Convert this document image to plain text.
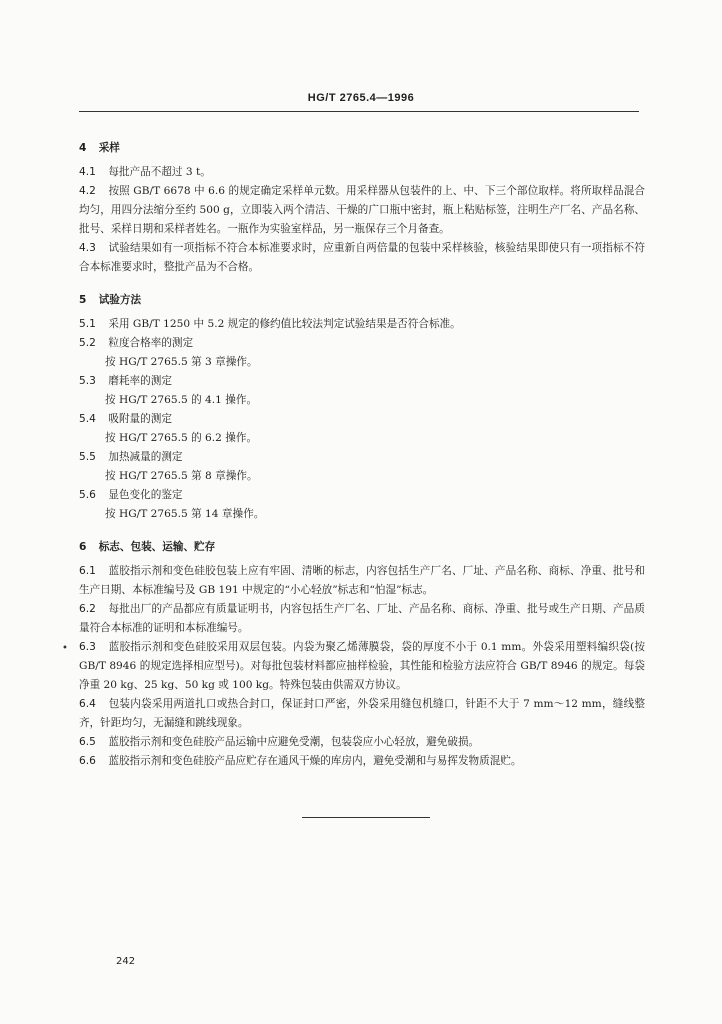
HG/T 2765.4—1996
4 采样
4.1 每批产品不超过 3 t。
4.2 按照 GB/T 6678 中 6.6 的规定确定采样单元数。用采样器从包装件的上、中、下三个部位取样。将所取样品混合均匀，用四分法缩分至约 500 g，立即装入两个清洁、干燥的广口瓶中密封，瓶上粘贴标签，注明生产厂名、产品名称、批号、采样日期和采样者姓名。一瓶作为实验室样品，另一瓶保存三个月备查。
4.3 试验结果如有一项指标不符合本标准要求时，应重新自两倍量的包装中采样核验，核验结果即使只有一项指标不符合本标准要求时，整批产品为不合格。
5 试验方法
5.1 采用 GB/T 1250 中 5.2 规定的修约值比较法判定试验结果是否符合标准。
5.2 粒度合格率的测定
按 HG/T 2765.5 第 3 章操作。
5.3 磨耗率的测定
按 HG/T 2765.5 的 4.1 操作。
5.4 吸附量的测定
按 HG/T 2765.5 的 6.2 操作。
5.5 加热减量的测定
按 HG/T 2765.5 第 8 章操作。
5.6 显色变化的鉴定
按 HG/T 2765.5 第 14 章操作。
6 标志、包装、运输、贮存
6.1 蓝胶指示剂和变色硅胶包装上应有牢固、清晰的标志，内容包括生产厂名、厂址、产品名称、商标、净重、批号和生产日期、本标准编号及 GB 191 中规定的“小心轻放”标志和“怕湿”标志。
6.2 每批出厂的产品都应有质量证明书，内容包括生产厂名、厂址、产品名称、商标、净重、批号或生产日期、产品质量符合本标准的证明和本标准编号。
6.3 蓝胶指示剂和变色硅胶采用双层包装。内袋为聚乙烯薄膜袋，袋的厚度不小于 0.1 mm。外袋采用塑料编织袋(按 GB/T 8946 的规定选择相应型号)。对每批包装材料都应抽样检验，其性能和检验方法应符合 GB/T 8946 的规定。每袋净重 20 kg、25 kg、50 kg 或 100 kg。特殊包装由供需双方协议。
6.4 包装内袋采用两道扎口或热合封口，保证封口严密，外袋采用缝包机缝口，针距不大于 7 mm～12 mm，缝线整齐，针距均匀，无漏缝和跳线现象。
6.5 蓝胶指示剂和变色硅胶产品运输中应避免受潮，包装袋应小心轻放，避免破损。
6.6 蓝胶指示剂和变色硅胶产品应贮存在通风干燥的库房内，避免受潮和与易挥发物质混贮。
•
242
